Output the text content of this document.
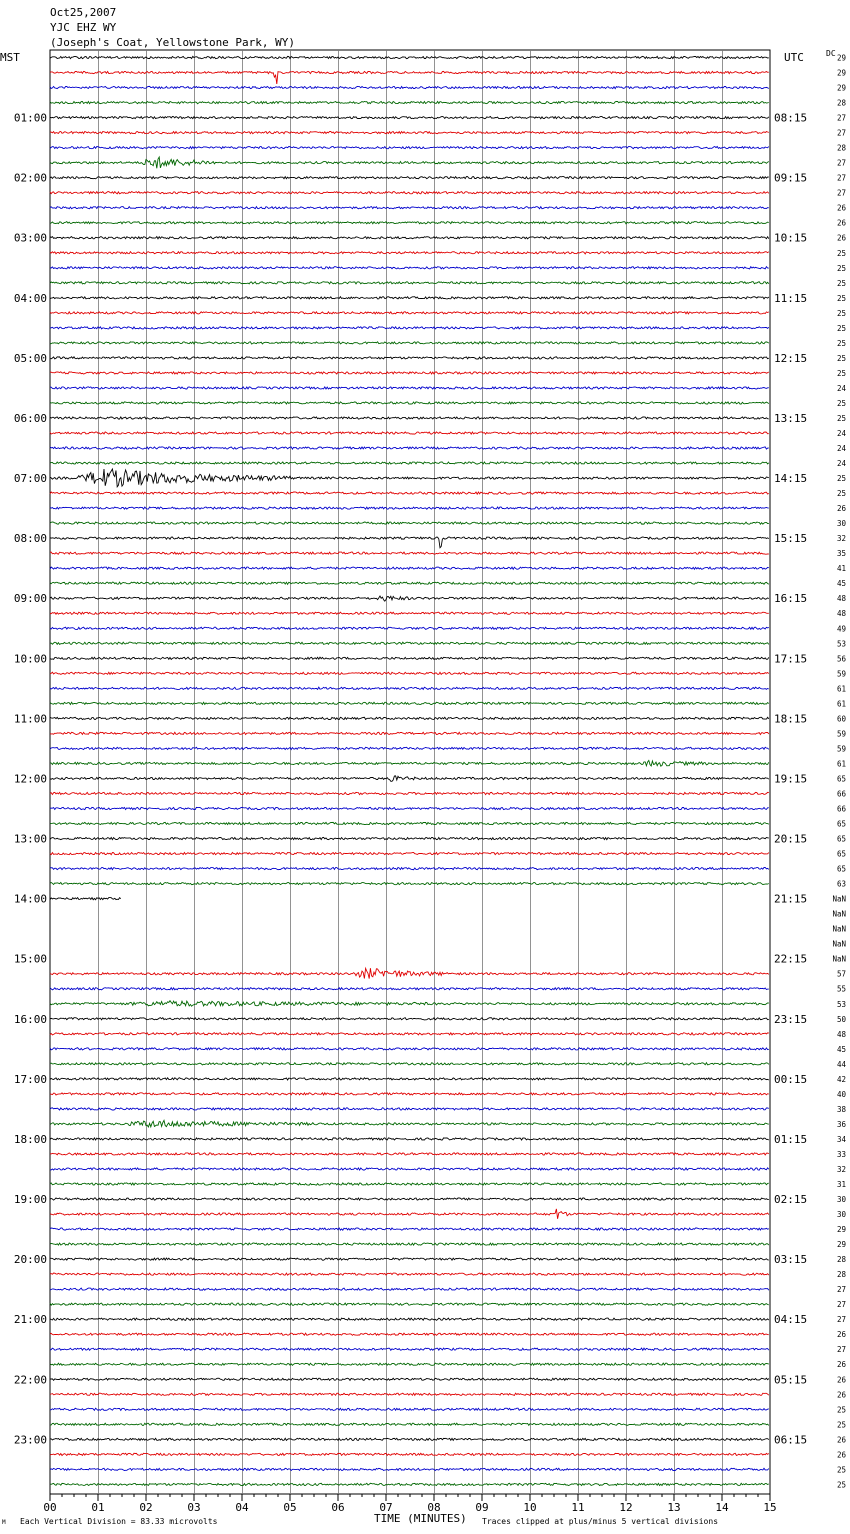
Oct25,2007
YJC EHZ WY
(Joseph's Coat, Yellowstone Park, WY)
MST	UTC	DC
M Each Vertical Division = 83.33 microvolts	TIME (MINUTES) Traces clipped at plus/minus 5 vertical divisions
00	01	02	03	04	05	06	07	08	09	10	11	12	13	14	15
01:00
02:00
03:00
04:00
05:00
06:00
07:00
08:00
09:00
10:00
11:00
12:00
13:00
14:00
15:00
16:00
17:00
18:00
19:00
20:00
21:00
22:00
23:00
08:15
09:15
10:15
11:15
12:15
13:15
14:15
15:15
16:15
17:15
18:15
19:15
20:15
21:15
22:15
23:15
00:15
01:15
02:15
03:15
04:15
05:15
06:15
29
29
29
28
27
27
28
27
27
27
26
26
26
25
25
25
25
25
25
25
25
25
24
25
25
24
24
24
25
25
26
30
32
35
41
45
48
48
49
53
56
59
61
61
60
59
59
61
65
66
66
65
65
65
65
63
NaN
NaN
NaN
NaN
NaN
57
55
53
50
48
45
44
42
40
38
36
34
33
32
31
30
30
29
29
28
28
27
27
27
26
27
26
26
26
25
25
26
26
25
25
